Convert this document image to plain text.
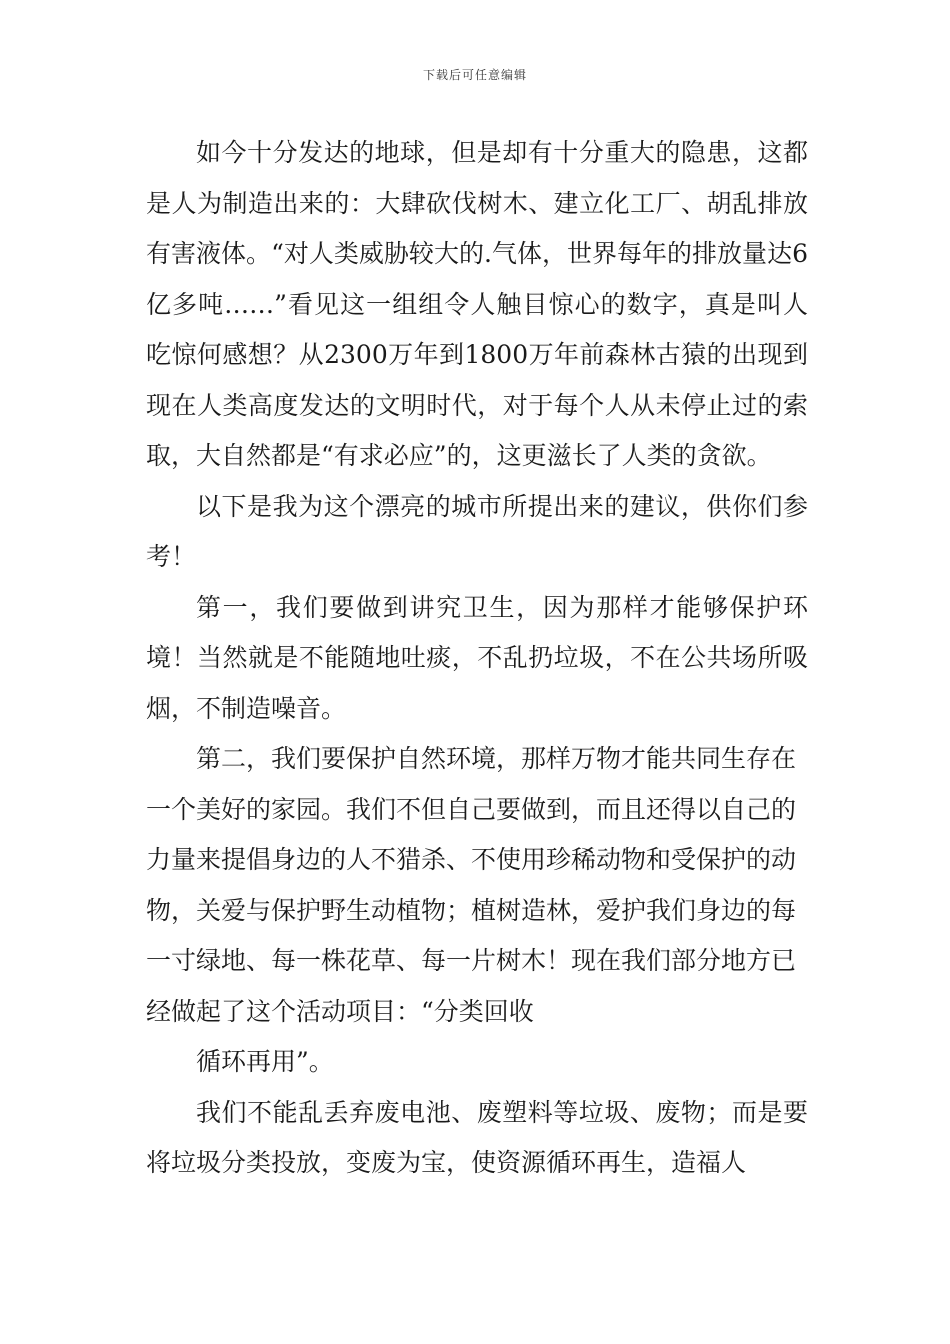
下载后可任意编辑

如今十分发达的地球，但是却有十分重大的隐患，这都是人为制造出来的：大肆砍伐树木、建立化工厂、胡乱排放有害液体。“对人类威胁较大的.气体，世界每年的排放量达6亿多吨……”看见这一组组令人触目惊心的数字，真是叫人吃惊何感想？从2300万年到1800万年前森林古猿的出现到现在人类高度发达的文明时代，对于每个人从未停止过的索取，大自然都是“有求必应”的，这更滋长了人类的贪欲。

以下是我为这个漂亮的城市所提出来的建议，供你们参考！

第一，我们要做到讲究卫生，因为那样才能够保护环境！当然就是不能随地吐痰，不乱扔垃圾，不在公共场所吸烟，不制造噪音。

第二，我们要保护自然环境，那样万物才能共同生存在一个美好的家园。我们不但自己要做到，而且还得以自己的力量来提倡身边的人不猎杀、不使用珍稀动物和受保护的动物，关爱与保护野生动植物；植树造林，爱护我们身边的每一寸绿地、每一株花草、每一片树木！现在我们部分地方已经做起了这个活动项目：“分类回收

循环再用”。

我们不能乱丢弃废电池、废塑料等垃圾、废物；而是要将垃圾分类投放，变废为宝，使资源循环再生，造福人
